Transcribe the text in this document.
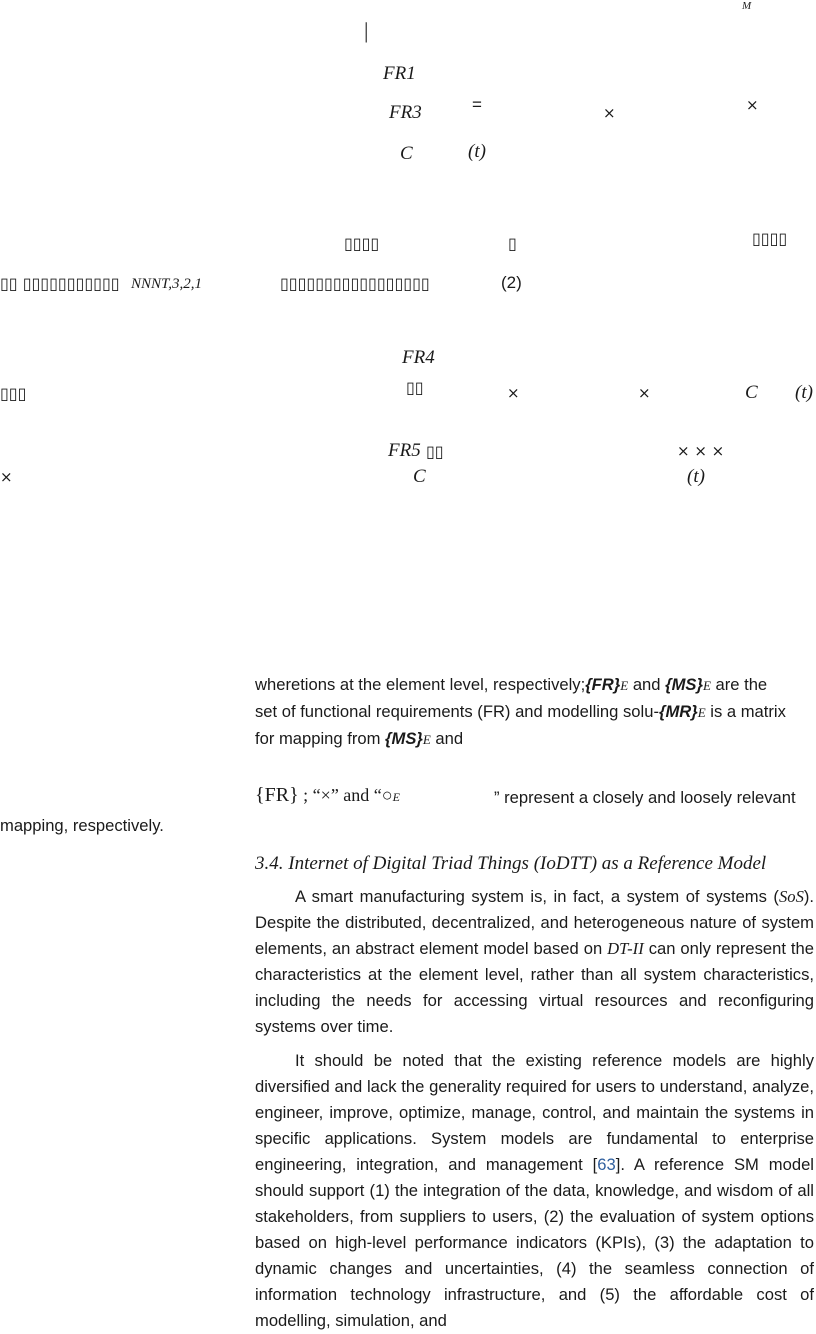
M
|
FR1
FR3	=	×	×
C	(t)
▯▯▯▯	▯	▯▯▯▯
▯▯ ▯▯▯▯▯▯▯▯▯▯▯ NNNT,3,2,1	▯▯▯▯▯▯▯▯▯▯▯▯▯▯▯▯▯	(2)
FR4
▯▯▯	▯▯	×	×	C (t)
FR5 ▯▯	× × ×
×	C	(t)

wheretions at the element level, respectively;{FR}E and {MS}E are the

set of functional requirements (FR) and modelling solu-{MR}E is a matrix

for mapping from {MS}E and

{FR} ; “×” and “○E	” represent a closely and loosely relevant
mapping, respectively.
3.4. Internet of Digital Triad Things (IoDTT) as a Reference Model

A smart manufacturing system is, in fact, a system of systems (SoS). Despite the distributed, decentralized, and heterogeneous nature of system elements, an abstract element model based on DT-II can only represent the characteristics at the element level, rather than all system characteristics, including the needs for accessing virtual resources and reconfiguring systems over time.

It should be noted that the existing reference models are highly diversified and lack the generality required for users to understand, analyze, engineer, improve, optimize, manage, control, and maintain the systems in specific applications. System models are fundamental to enterprise engineering, integration, and management [63]. A reference SM model should support (1) the integration of the data, knowledge, and wisdom of all stakeholders, from suppliers to users, (2) the evaluation of system options based on high-level performance indicators (KPIs), (3) the adaptation to dynamic changes and uncertainties, (4) the seamless connection of information technology infrastructure, and (5) the affordable cost of modelling, simulation, and
